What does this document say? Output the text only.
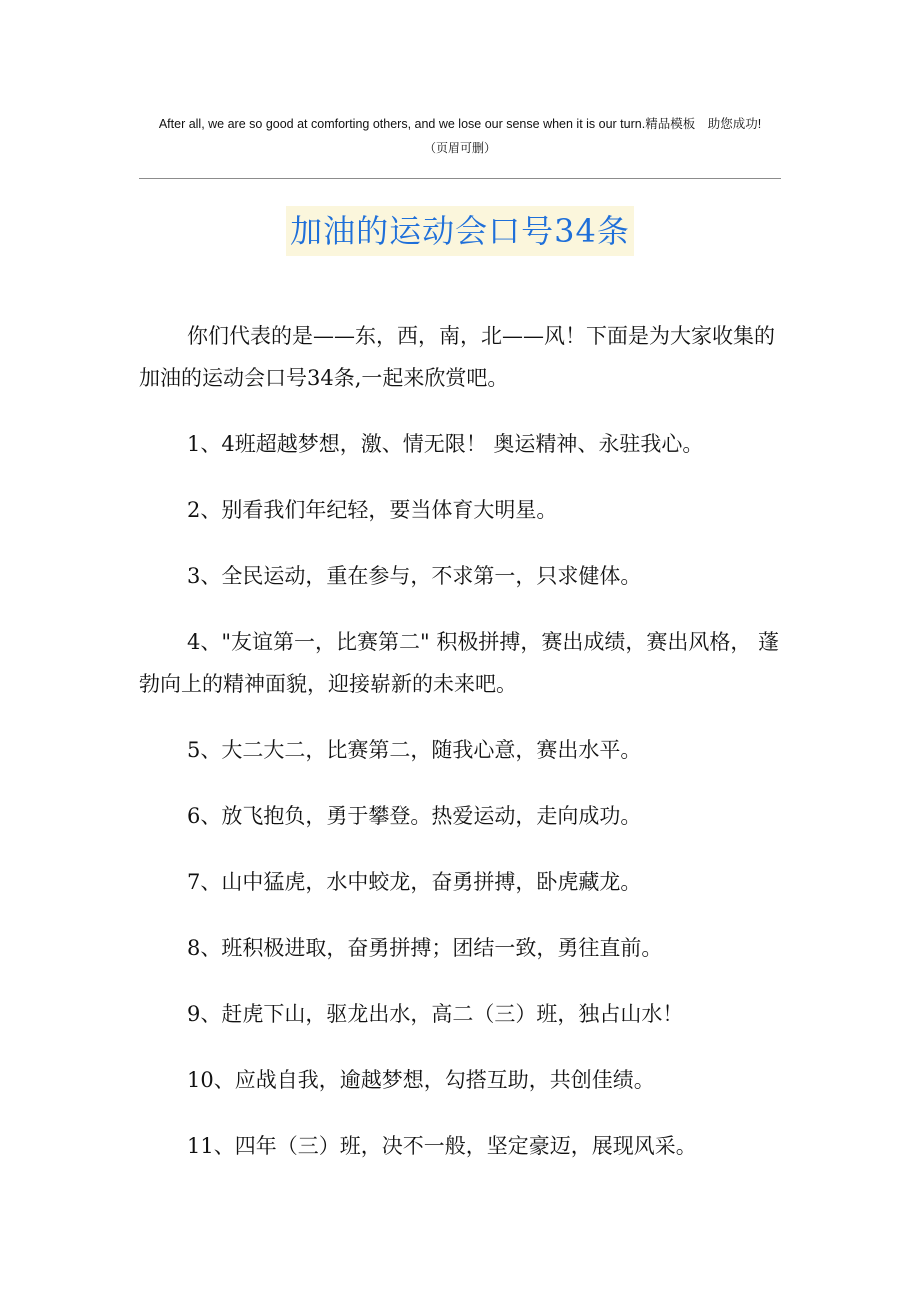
After all, we are so good at comforting others, and we lose our sense when it is our turn.精品模板　助您成功!
（页眉可删）
加油的运动会口号34条

你们代表的是——东，西，南，北——风！下面是为大家收集的加油的运动会口号34条,一起来欣赏吧。

1、4班超越梦想，激、情无限！ 奥运精神、永驻我心。

2、别看我们年纪轻，要当体育大明星。

3、全民运动，重在参与，不求第一，只求健体。

4、"友谊第一，比赛第二" 积极拼搏，赛出成绩，赛出风格， 蓬勃向上的精神面貌，迎接崭新的未来吧。

5、大二大二，比赛第二，随我心意，赛出水平。

6、放飞抱负，勇于攀登。热爱运动，走向成功。

7、山中猛虎，水中蛟龙，奋勇拼搏，卧虎藏龙。

8、班积极进取，奋勇拼搏；团结一致，勇往直前。

9、赶虎下山，驱龙出水，高二（三）班，独占山水！

10、应战自我，逾越梦想，勾搭互助，共创佳绩。

11、四年（三）班，决不一般，坚定豪迈，展现风采。
